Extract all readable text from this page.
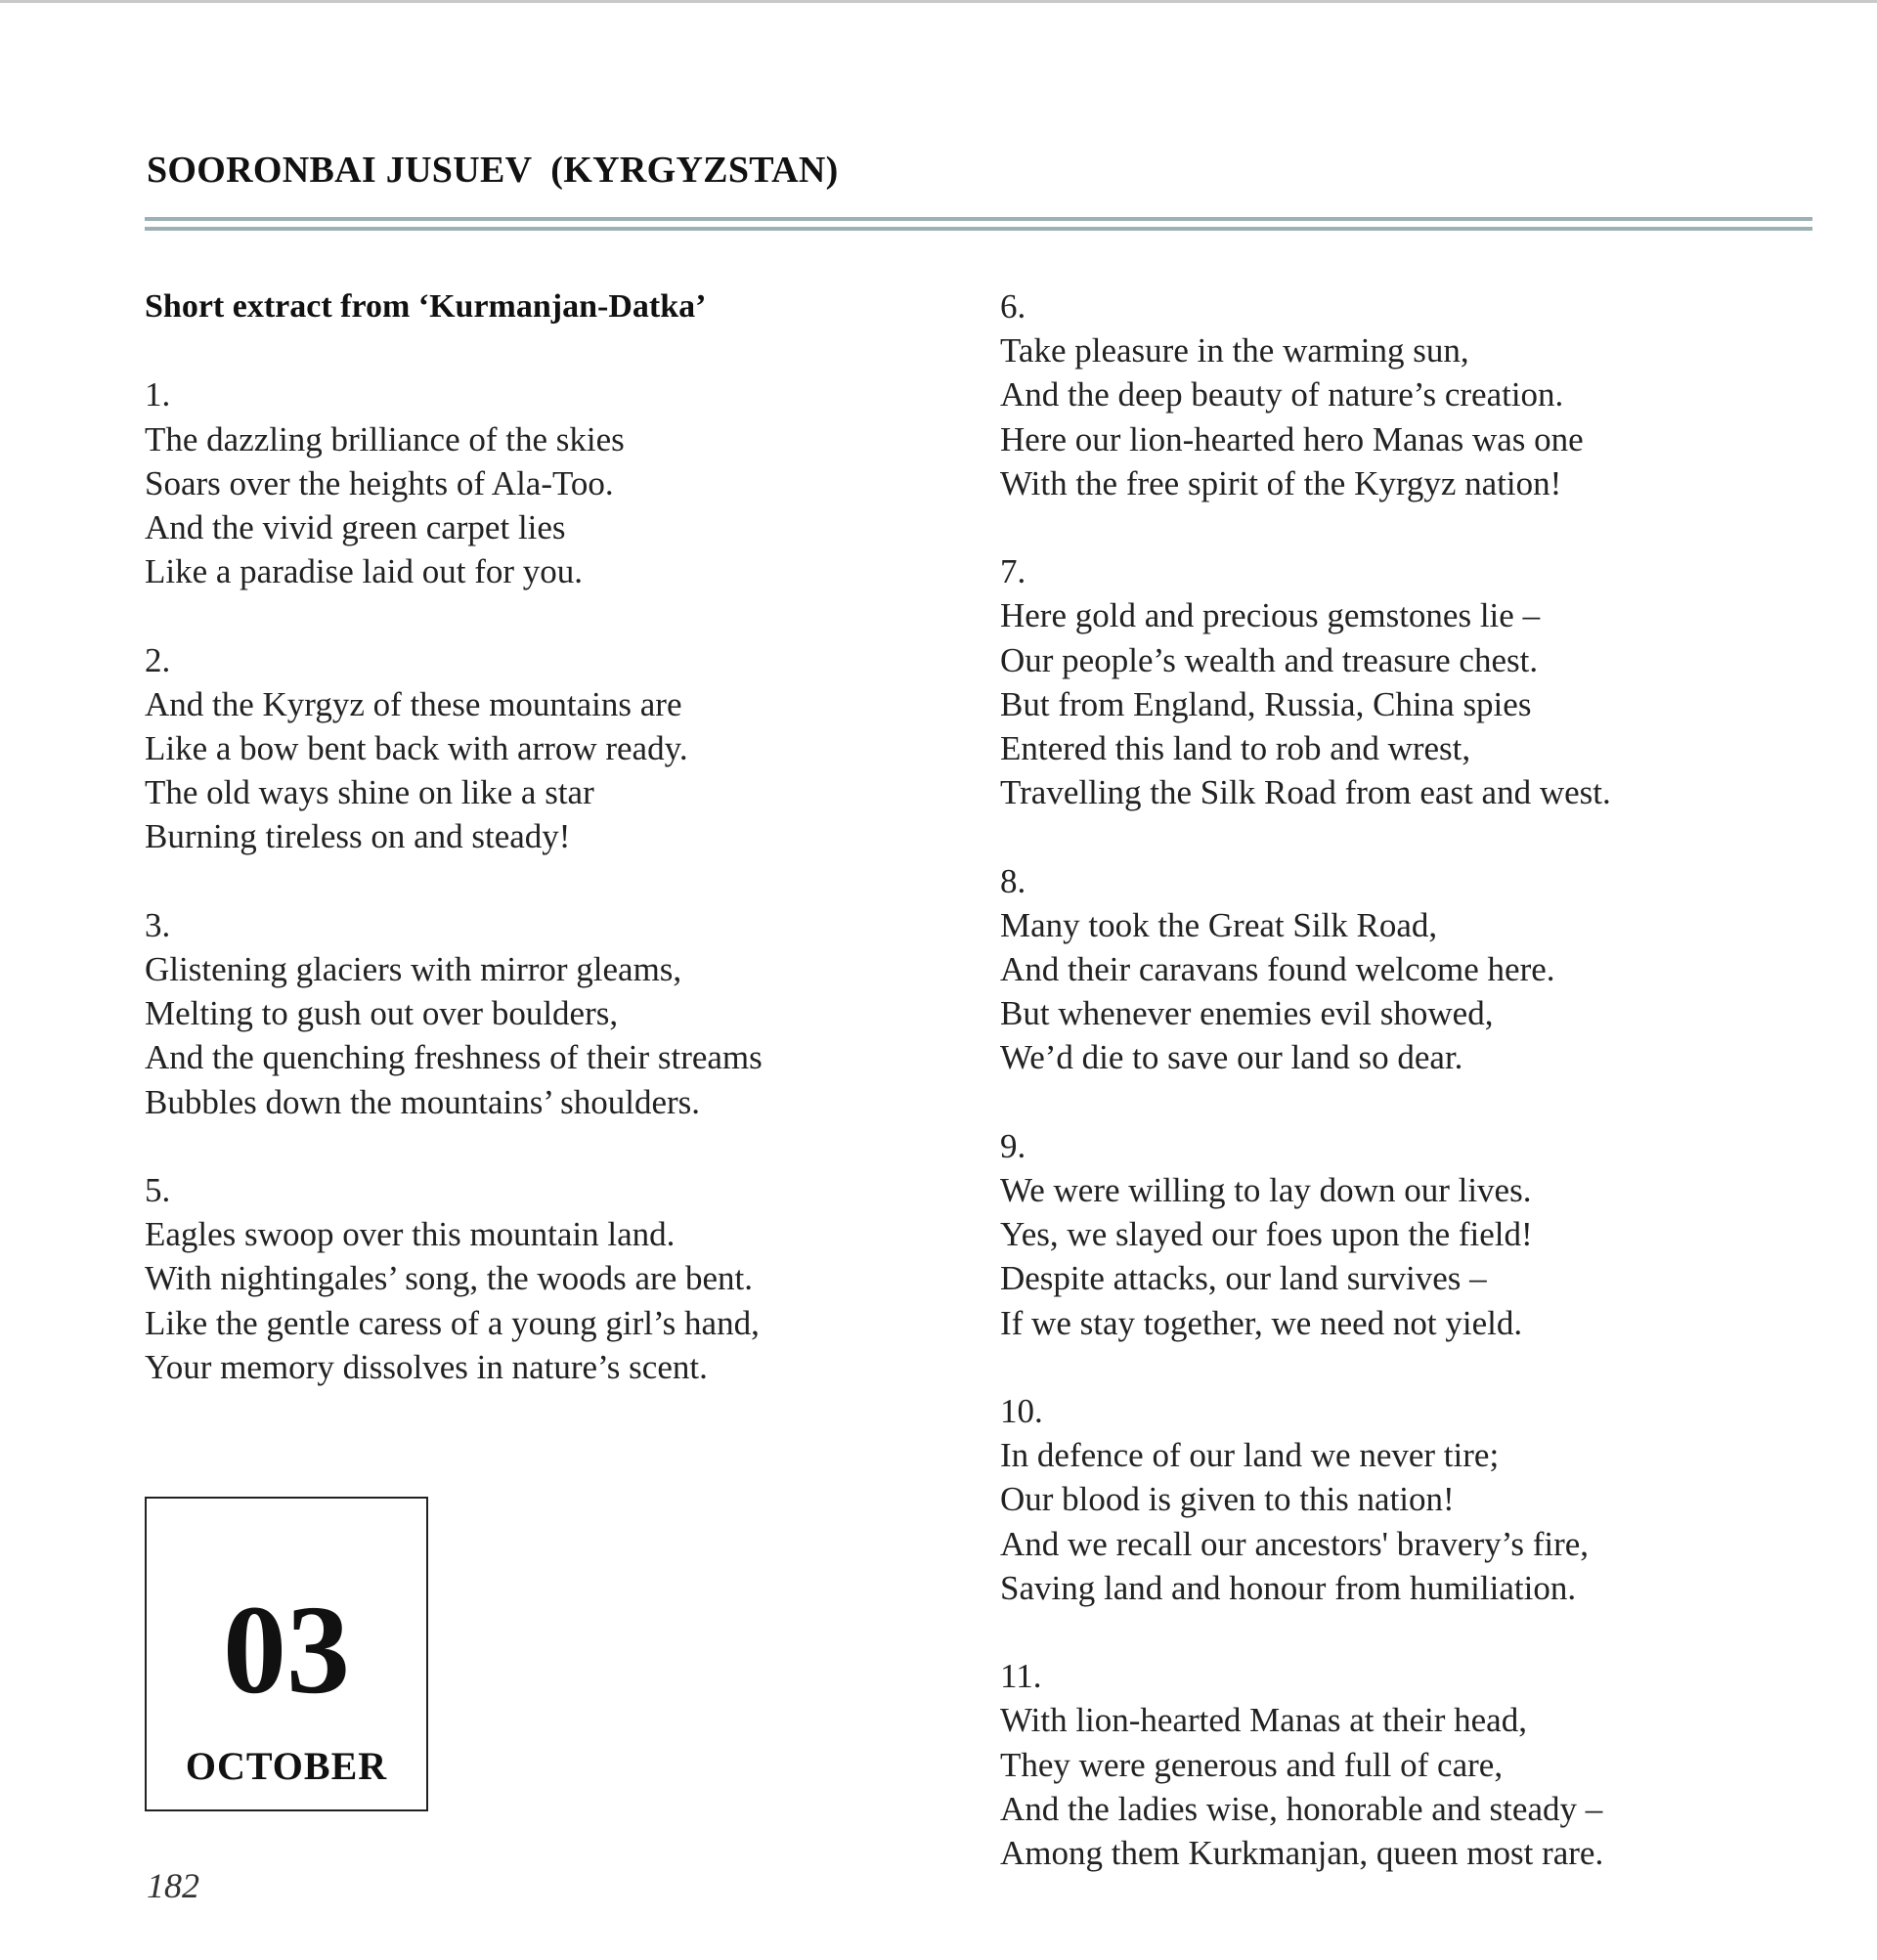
SOORONBAI JUSUEV  (KYRGYZSTAN)
Short extract from ‘Kurmanjan-Datka’
1.
The dazzling brilliance of the skies
Soars over the heights of Ala-Too.
And the vivid green carpet lies
Like a paradise laid out for you.
2.
And the Kyrgyz of these mountains are
Like a bow bent back with arrow ready.
The old ways shine on like a star
Burning tireless on and steady!
3.
Glistening glaciers with mirror gleams,
Melting to gush out over boulders,
And the quenching freshness of their streams
Bubbles down the mountains’ shoulders.
5.
Eagles swoop over this mountain land.
With nightingales’ song, the woods are bent.
Like the gentle caress of a young girl’s hand,
Your memory dissolves in nature’s scent.
6.
Take pleasure in the warming sun,
And the deep beauty of nature’s creation.
Here our lion-hearted hero Manas was one
With the free spirit of the Kyrgyz nation!
7.
Here gold and precious gemstones lie –
Our people’s wealth and treasure chest.
But from England, Russia, China spies
Entered this land to rob and wrest,
Travelling the Silk Road from east and west.
8.
Many took the Great Silk Road,
And their caravans found welcome here.
But whenever enemies evil showed,
We’d die to save our land so dear.
9.
We were willing to lay down our lives.
Yes, we slayed our foes upon the field!
Despite attacks, our land survives –
If we stay together, we need not yield.
10.
In defence of our land we never tire;
Our blood is given to this nation!
And we recall our ancestors' bravery’s fire,
Saving land and honour from humiliation.
11.
With lion-hearted Manas at their head,
They were generous and full of care,
And the ladies wise, honorable and steady –
Among them Kurkmanjan, queen most rare.
03
OCTOBER
182
